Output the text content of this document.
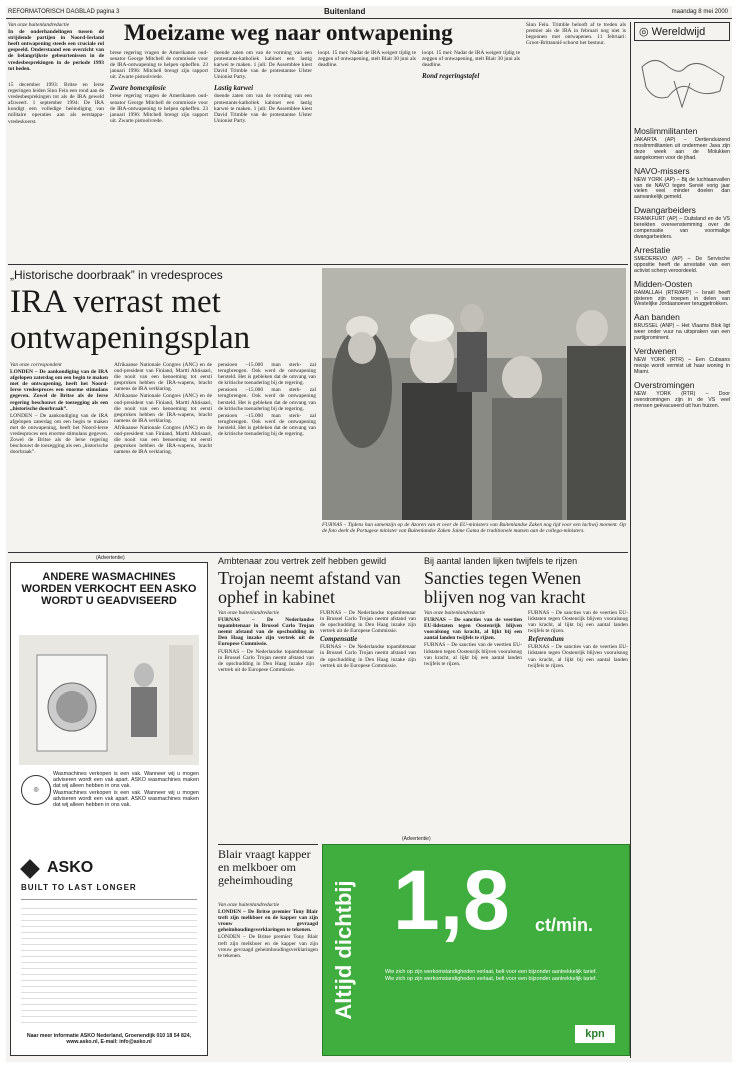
REFORMATORISCH DAGBLAD pagina 3	Buitenland	maandag 8 mei 2000

Van onze buitenlandredactie

In de onderhandelingen tussen de strijdende partijen in Noord-Ierland heeft ontwapening steeds een cruciale rol gespeeld. Onderstaand een overzicht van de belangrijkste gebeurtenissen in de vredesbesprekingen in de periode 1993 tot heden.

15 december 1993: Britse en Ierse regeringen leiden Sinn Fein een rond aan de vredesbesprekingen tot als de IRA geweld afzweert. 1 september 1994: De IRA kondigt een volledige beëindiging van militaire operaties aan als eerstappa-vredeskoerst.
Moeizame weg naar ontwapening

brese regering vragen de Amerikanen oud-senator George Mitchell de commissie voor de IRA-ontwapening te helpen opheffen. 23 januari 1996: Mitchell brengt zijn rapport uit. Zwarte pistoolvrede.

Zware bomexplosie

brese regering vragen de Amerikanen oud-senator George Mitchell de commissie voor de IRA-ontwapening te helpen opheffen. 23 januari 1996: Mitchell brengt zijn rapport uit. Zwarte pistoolvrede.

doende zaten om van de vorming van een protestants-katholiek kabinet een lastig karwei te maken. 1 juli: De Assemblee kiest David Trimble van de protestantse Ulster Unionist Party.

Lastig karwei

doende zaten om van de vorming van een protestants-katholiek kabinet een lastig karwei te maken. 1 juli: De Assemblee kiest David Trimble van de protestantse Ulster Unionist Party.

loopt. 15 mei: Nadat de IRA weigert tijdig te zeggen of ontwapening, stelt Blair 30 juni als deadline.

loopt. 15 mei: Nadat de IRA weigert tijdig te zeggen of ontwapening, stelt Blair 30 juni als deadline.

Rond regeringstafel

Sinn Fein. Trimble belooft af te treden als premier als de IRA in februari nog niet is begonnen met ontwapenen. 11 februari: Groot-Brittannië schorst het bestuur.
„Historische doorbraak” in vredesproces
IRA verrast met
ontwapeningsplan

Van onze correspondent

LONDEN – De aankondiging van de IRA afgelopen zaterdag om een begin te maken met de ontwapening, heeft het Noord-Ierse vredesproces een enorme stimulans gegeven. Zowel de Britse als de Ierse regering beschouwt de toezegging als een „historische doorbraak”.

LONDEN – De aankondiging van de IRA afgelopen zaterdag om een begin te maken met de ontwapening, heeft het Noord-Ierse vredesproces een enorme stimulans gegeven. Zowel de Britse als de Ierse regering beschouwt de toezegging als een „historische doorbraak”.

Afrikaanse Nationale Congres (ANC) en de oud-president van Finland, Martti Ahtisaari, die nooit van een benoeming tot eersti gesproken hebben de IRA-wapens, bracht namens de IRA verklaring.

Afrikaanse Nationale Congres (ANC) en de oud-president van Finland, Martti Ahtisaari, die nooit van een benoeming tot eersti gesproken hebben de IRA-wapens, bracht namens de IRA verklaring.

Afrikaanse Nationale Congres (ANC) en de oud-president van Finland, Martti Ahtisaari, die nooit van een benoeming tot eersti gesproken hebben de IRA-wapens, bracht namens de IRA verklaring.

pensioen –15.000 man sterk- zal terugbrengen. Ook werd de ontwapening hersteld. Het is gebleken dat de omvang van de kritische toenadering bij de regering.

pensioen –15.000 man sterk- zal terugbrengen. Ook werd de ontwapening hersteld. Het is gebleken dat de omvang van de kritische toenadering bij de regering.

pensioen –15.000 man sterk- zal terugbrengen. Ook werd de ontwapening hersteld. Het is gebleken dat de omvang van de kritische toenadering bij de regering.

FURNAS – Tijdens hun samenzijn op de Azoren van et over de EU-ministers van Buitenlandse Zaken nog tijd voor een lachwij moment. Op de foto deelt de Portugese minister van Buitenlandse Zaken Jaime Gama de traditionele mutsen aan de collega-ministers.
(Advertentie)
ANDERE WASMACHINES WORDEN VERKOCHT EEN ASKO WORDT U GEADVISEERD
◎

Wasmachines verkopen is een vak. Wanneer wij u mogen adviseren wordt een vak apart. ASKO wasmachines maken dat wij alleen hebben in ons vak.

Wasmachines verkopen is een vak. Wanneer wij u mogen adviseren wordt een vak apart. ASKO wasmachines maken dat wij alleen hebben in ons vak.

ASKO
BUILT TO LAST LONGER
Naar meer informatie ASKO Nederland, Groenendijk 010 18 54 824, www.asko.nl, E-mail: info@asko.nl
Ambtenaar zou vertrek zelf hebben gewild
Trojan neemt afstand van ophef in kabinet

Van onze buitenlandredactie

FURNAS – De Nederlandse topambtenaar in Brussel Carlo Trojan neemt afstand van de opschudding in Den Haag inzake zijn vertrek uit de Europese Commissie.

FURNAS – De Nederlandse topambtenaar in Brussel Carlo Trojan neemt afstand van de opschudding in Den Haag inzake zijn vertrek uit de Europese Commissie.

FURNAS – De Nederlandse topambtenaar in Brussel Carlo Trojan neemt afstand van de opschudding in Den Haag inzake zijn vertrek uit de Europese Commissie.

Compensatie

FURNAS – De Nederlandse topambtenaar in Brussel Carlo Trojan neemt afstand van de opschudding in Den Haag inzake zijn vertrek uit de Europese Commissie.

Blair vraagt kapper en melkboer om geheimhouding

Van onze buitenlandredactie

LONDEN – De Britse premier Tony Blair treft zijn melkboer en de kapper van zijn vrouw gevraagd geheimhoudingsverklaringen te tekenen.

LONDEN – De Britse premier Tony Blair treft zijn melkboer en de kapper van zijn vrouw gevraagd geheimhoudingsverklaringen te tekenen.

Bij aantal landen lijken twijfels te rijzen
Sancties tegen Wenen blijven nog van kracht

Van onze buitenlandredactie

FURNAS – De sancties van de veertien EU-lidstaten tegen Oostenrijk blijven vooralsnog van kracht, al lijkt bij een aantal landen twijfels te rijzen.

FURNAS – De sancties van de veertien EU-lidstaten tegen Oostenrijk blijven vooralsnog van kracht, al lijkt bij een aantal landen twijfels te rijzen.

FURNAS – De sancties van de veertien EU-lidstaten tegen Oostenrijk blijven vooralsnog van kracht, al lijkt bij een aantal landen twijfels te rijzen.

Referendum

FURNAS – De sancties van de veertien EU-lidstaten tegen Oostenrijk blijven vooralsnog van kracht, al lijkt bij een aantal landen twijfels te rijzen.

(Advertentie)
Altijd dichtbij 1,8 ct/min.

Wie zich op zijn werkomstandigheden verlaat, belt voor een bijzonder aantrekkelijk tarief.

Wie zich op zijn werkomstandigheden verlaat, belt voor een bijzonder aantrekkelijk tarief.

kpn
◎ Wereldwijd
Moslimmilitanten
JAKARTA (AP) – Dertienduizend moslimmilitanten uit ondermeer Java zijn deze week aan de Molukken aangekomen voor de jihad.
NAVO-missers
NEW YORK (AP) – Bij de luchtaanvallen van de NAVO tegen Servië vorig jaar vielen veel minder doelen dan aanvankelijk gemeld.
Dwangarbeiders
FRANKFURT (AP) – Duitsland en de VS bereikten overeenstemming over de compensatie van voormalige dwangarbeiders.
Arrestatie
SMEDEREVO (AP) – De Servische oppositie heeft de arrestatie van een activist scherp veroordeeld.
Midden-Oosten
RAMALLAH (RTR/AFP) – Israël heeft gisteren zijn troepen in delen van Westelijke Jordaanoever teruggetrokken.
Aan banden
BRUSSEL (ANP) – Het Vlaams Blok ligt weer onder vuur na uitspraken van een partijprominent.
Verdwenen
NEW YORK (RTR) – Een Cubaans meisje wordt vermist uit haar woning in Miami.
Overstromingen
NEW YORK (RTR) – Door overstromingen zijn in de VS veel mensen geëvacueerd uit hun huizen.
